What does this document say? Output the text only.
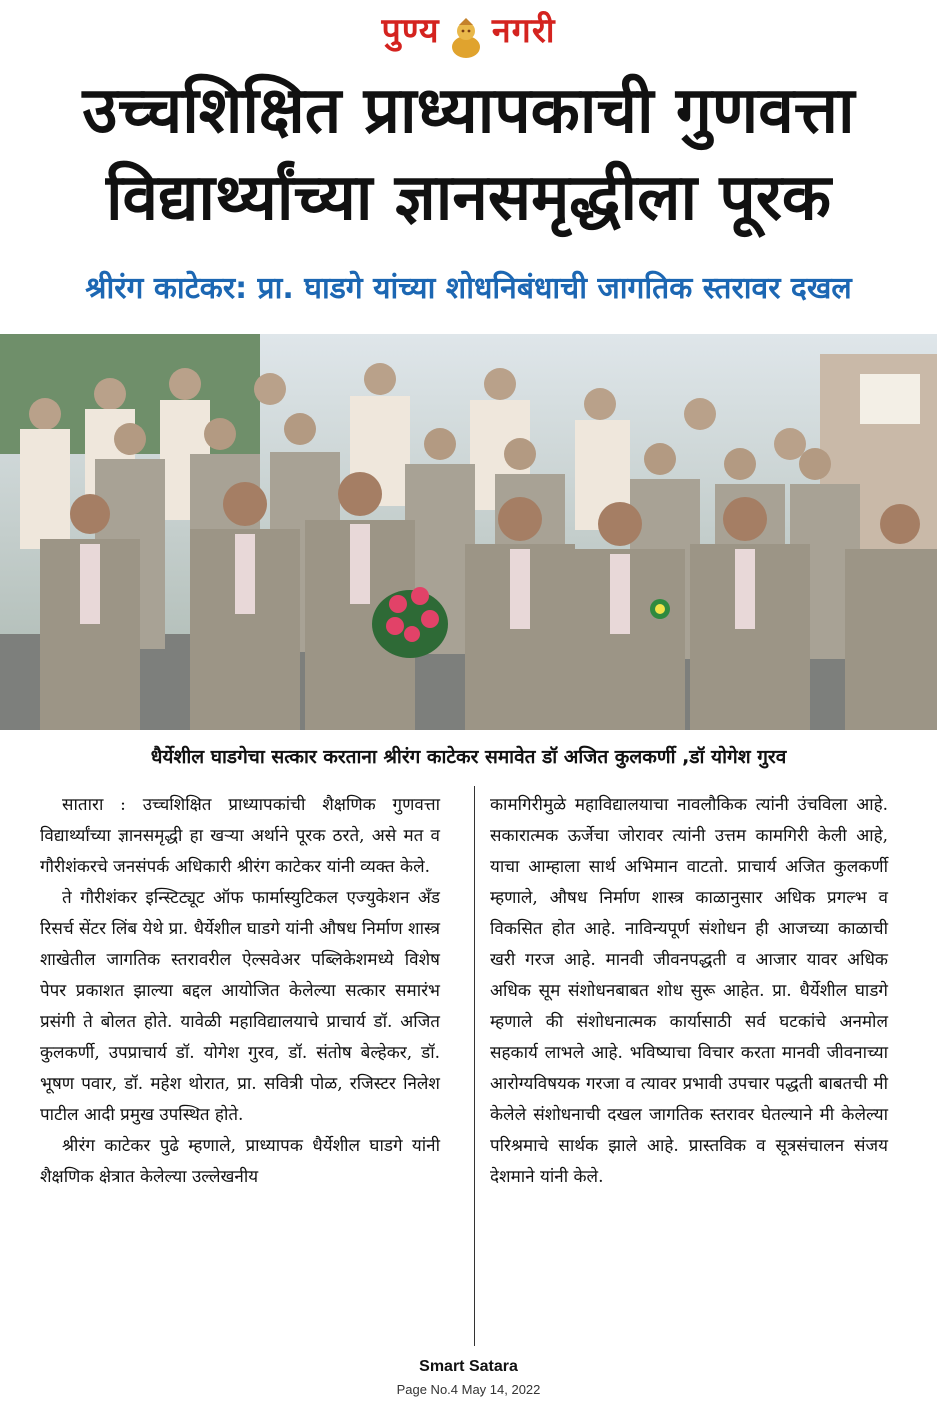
पुण्य नगरी
उच्चशिक्षित प्राध्यापकाची गुणवत्ता
विद्यार्थ्यांच्या ज्ञानसमृद्धीला पूरक
श्रीरंग काटेकर: प्रा. घाडगे यांच्या शोधनिबंधाची जागतिक स्तरावर दखल
धैर्येशील घाडगेचा सत्कार करताना श्रीरंग काटेकर समावेत डॉ अजित कुलकर्णी ,डॉ योगेश गुरव

सातारा : उच्चशिक्षित प्राध्यापकांची शैक्षणिक गुणवत्ता विद्यार्थ्यांच्या ज्ञानसमृद्धी हा खऱ्या अर्थाने पूरक ठरते, असे मत व गौरीशंकरचे जनसंपर्क अधिकारी श्रीरंग काटेकर यांनी व्यक्त केले.

ते गौरीशंकर इन्स्टिट्यूट ऑफ फार्मास्युटिकल एज्युकेशन अँड रिसर्च सेंटर लिंब येथे प्रा. धैर्येशील घाडगे यांनी औषध निर्माण शास्त्र शाखेतील जागतिक स्तरावरील ऐल्सवेअर पब्लिकेशमध्ये विशेष पेपर प्रकाशत झाल्या बद्दल आयोजित केलेल्या सत्कार समारंभ प्रसंगी ते बोलत होते. यावेळी महाविद्यालयाचे प्राचार्य डॉ. अजित कुलकर्णी, उपप्राचार्य डॉ. योगेश गुरव, डॉ. संतोष बेल्हेकर, डॉ. भूषण पवार, डॉ. महेश थोरात, प्रा. सवित्री पोळ, रजिस्टर निलेश पाटील आदी प्रमुख उपस्थित होते.

श्रीरंग काटेकर पुढे म्हणाले, प्राध्यापक धैर्येशील घाडगे यांनी शैक्षणिक क्षेत्रात केलेल्या उल्लेखनीय

कामगिरीमुळे महाविद्यालयाचा नावलौकिक त्यांनी उंचविला आहे. सकारात्मक ऊर्जेचा जोरावर त्यांनी उत्तम कामगिरी केली आहे, याचा आम्हाला सार्थ अभिमान वाटतो. प्राचार्य अजित कुलकर्णी म्हणाले, औषध निर्माण शास्त्र काळानुसार अधिक प्रगल्भ व विकसित होत आहे. नाविन्यपूर्ण संशोधन ही आजच्या काळाची खरी गरज आहे. मानवी जीवनपद्धती व आजार यावर अधिक अधिक सूम संशोधनबाबत शोध सुरू आहेत. प्रा. धैर्येशील घाडगे म्हणाले की संशोधनात्मक कार्यासाठी सर्व घटकांचे अनमोल सहकार्य लाभले आहे. भविष्याचा विचार करता मानवी जीवनाच्या आरोग्यविषयक गरजा व त्यावर प्रभावी उपचार पद्धती बाबतची मी केलेले संशोधनाची दखल जागतिक स्तरावर घेतल्याने मी केलेल्या परिश्रमाचे सार्थक झाले आहे. प्रास्तविक व सूत्रसंचालन संजय देशमाने यांनी केले.

Smart Satara
Page No.4 May 14, 2022
